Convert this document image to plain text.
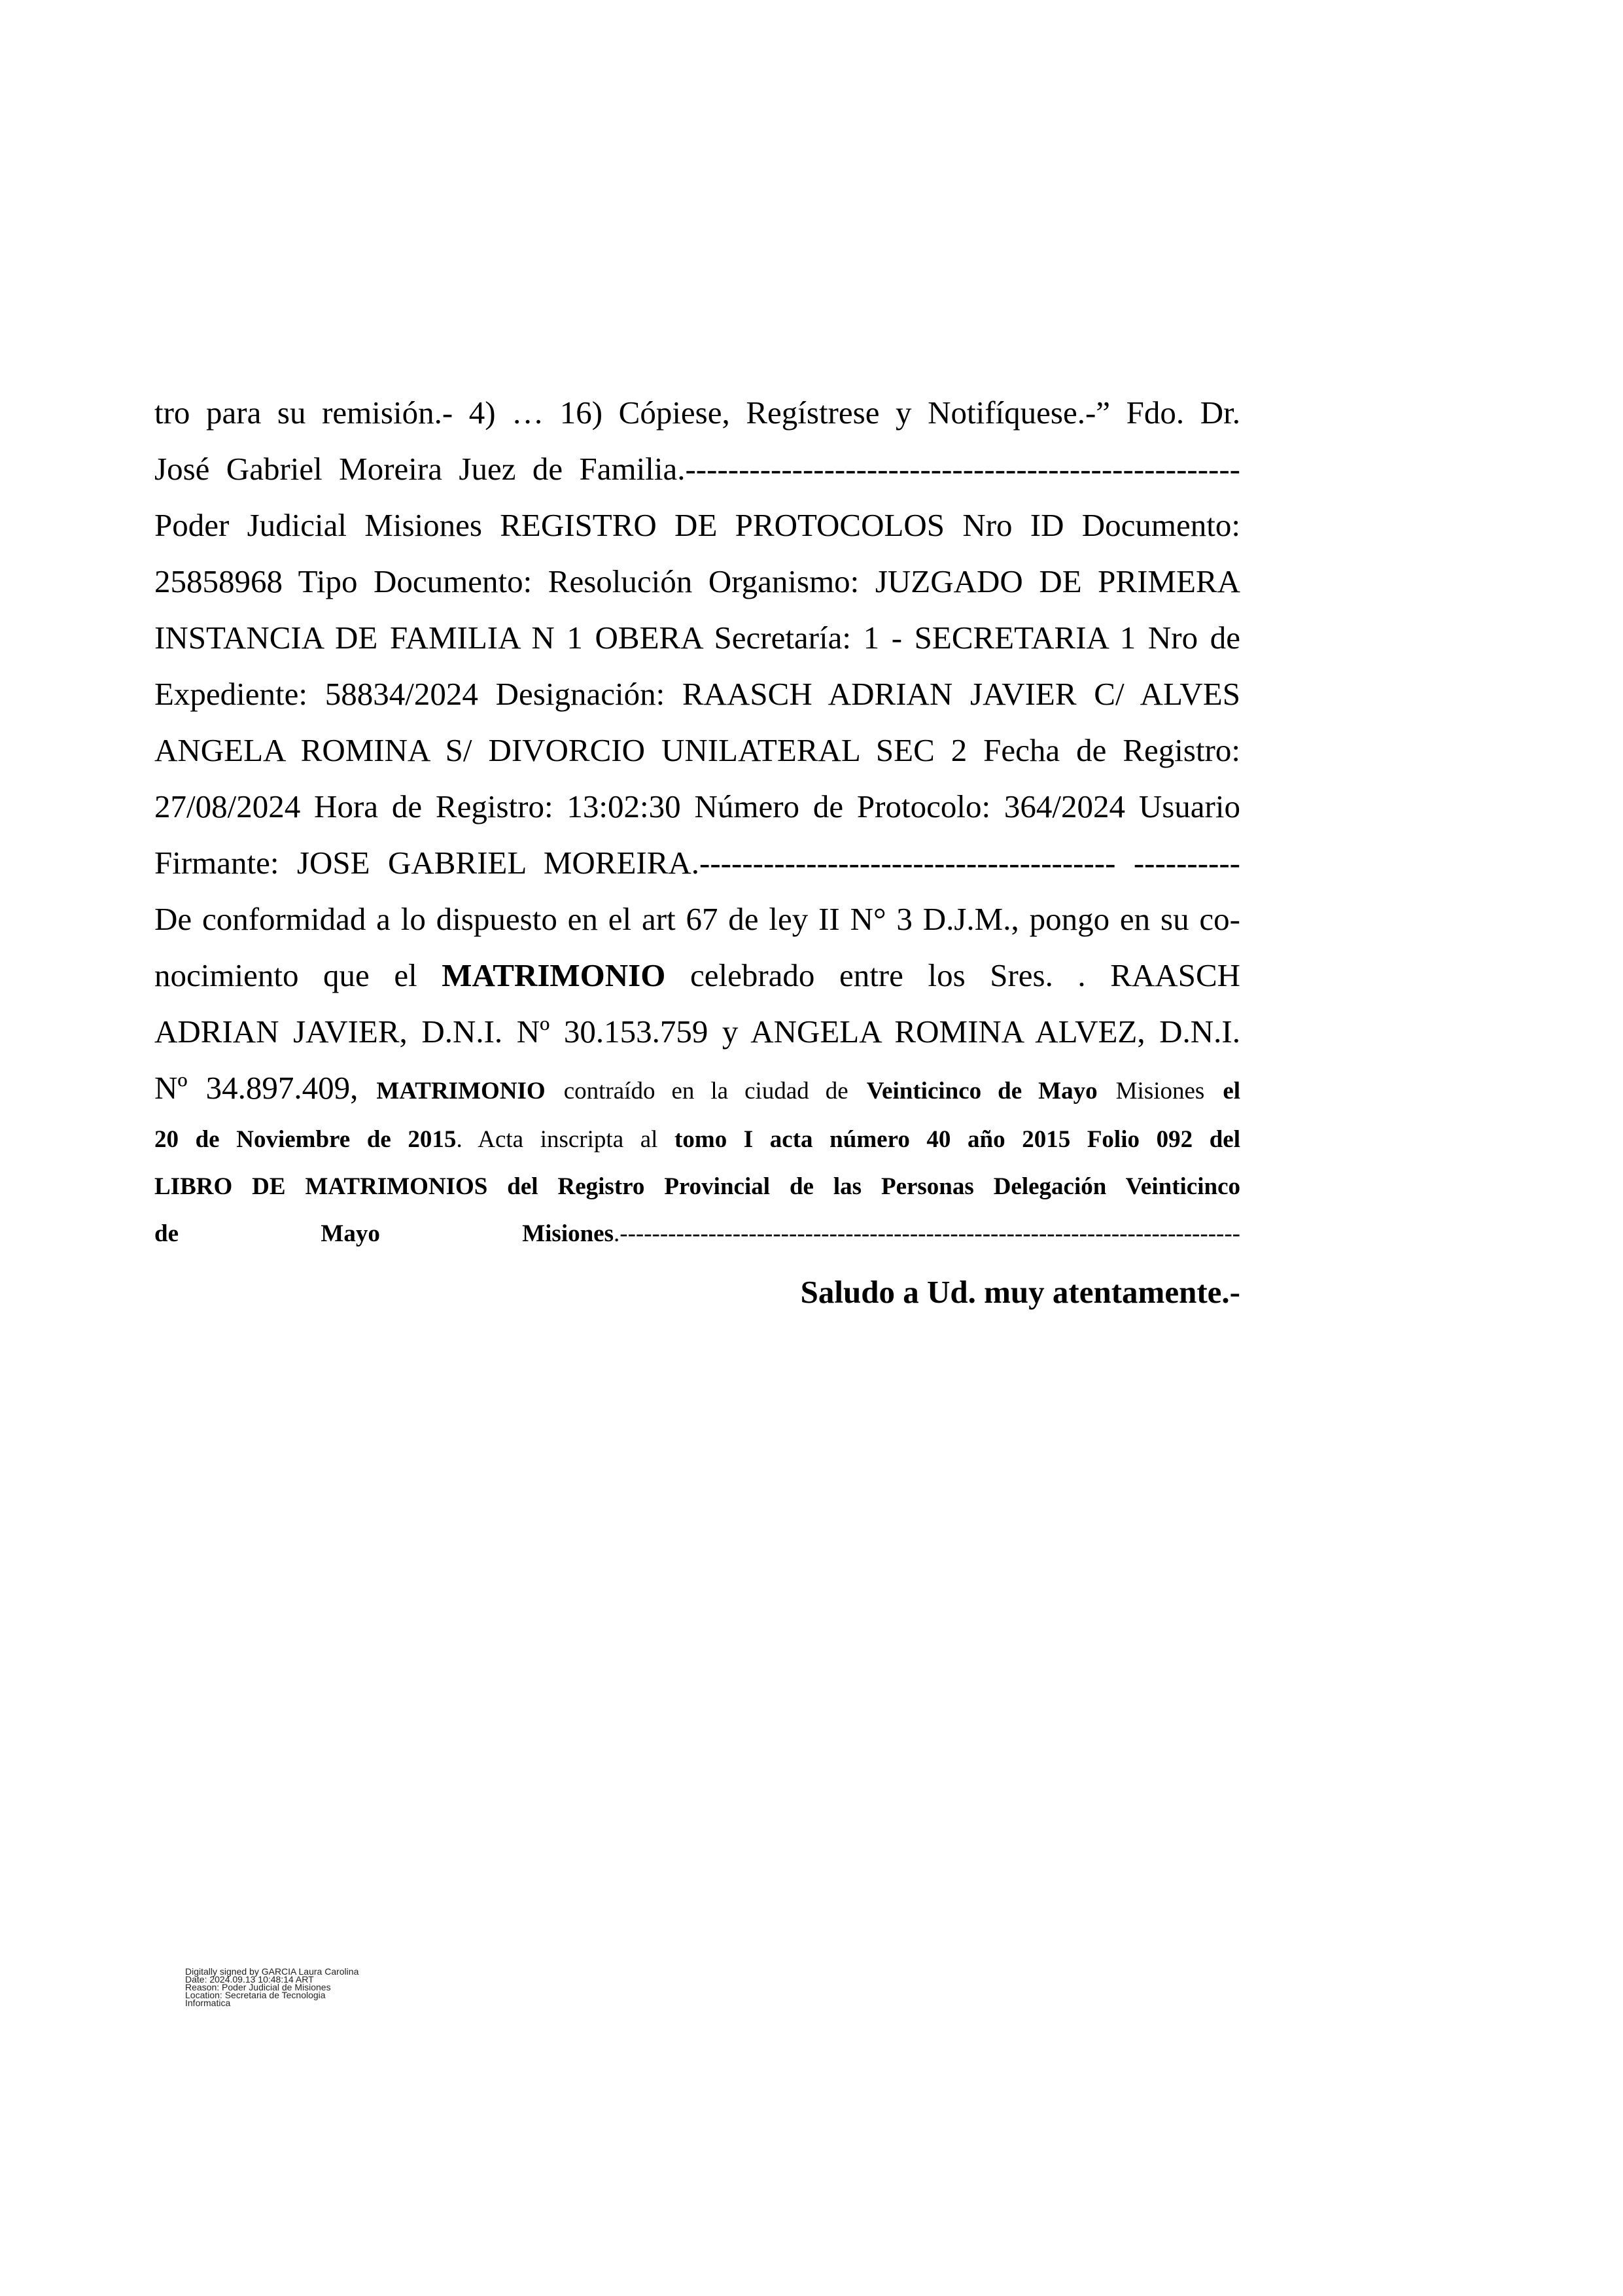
tro para su remisión.- 4) … 16) Cópiese, Regístrese y Notifíquese.-” Fdo. Dr.
José Gabriel Moreira Juez de Familia.----------------------------------------------------
Poder Judicial Misiones REGISTRO DE PROTOCOLOS Nro ID Documento:
25858968 Tipo Documento: Resolución Organismo: JUZGADO DE PRIMERA
INSTANCIA DE FAMILIA N 1 OBERA Secretaría: 1 - SECRETARIA 1 Nro de
Expediente: 58834/2024 Designación: RAASCH ADRIAN JAVIER C/ ALVES
ANGELA ROMINA S/ DIVORCIO UNILATERAL SEC 2 Fecha de Registro:
27/08/2024 Hora de Registro: 13:02:30 Número de Protocolo: 364/2024 Usuario
Firmante: JOSE GABRIEL MOREIRA.--------------------------------------- ----------
De conformidad a lo dispuesto en el art 67 de ley II N° 3 D.J.M., pongo en su co-
nocimiento que el MATRIMONIO celebrado entre los Sres. . RAASCH
ADRIAN JAVIER, D.N.I. Nº 30.153.759 y ANGELA ROMINA ALVEZ, D.N.I.
Nº 34.897.409, MATRIMONIO contraído en la ciudad de Veinticinco de Mayo Misiones el
20 de Noviembre de 2015. Acta inscripta al tomo I acta número 40 año 2015 Folio 092 del
LIBRO DE MATRIMONIOS del Registro Provincial de las Personas Delegación Veinticinco
de Mayo Misiones.-----------------------------------------------------------------------------
Saludo a Ud. muy atentamente.-
Digitally signed by GARCIA Laura Carolina
Date: 2024.09.13 10:48:14 ART
Reason: Poder Judicial de Misiones
Location: Secretaria de Tecnologia
Informatica
